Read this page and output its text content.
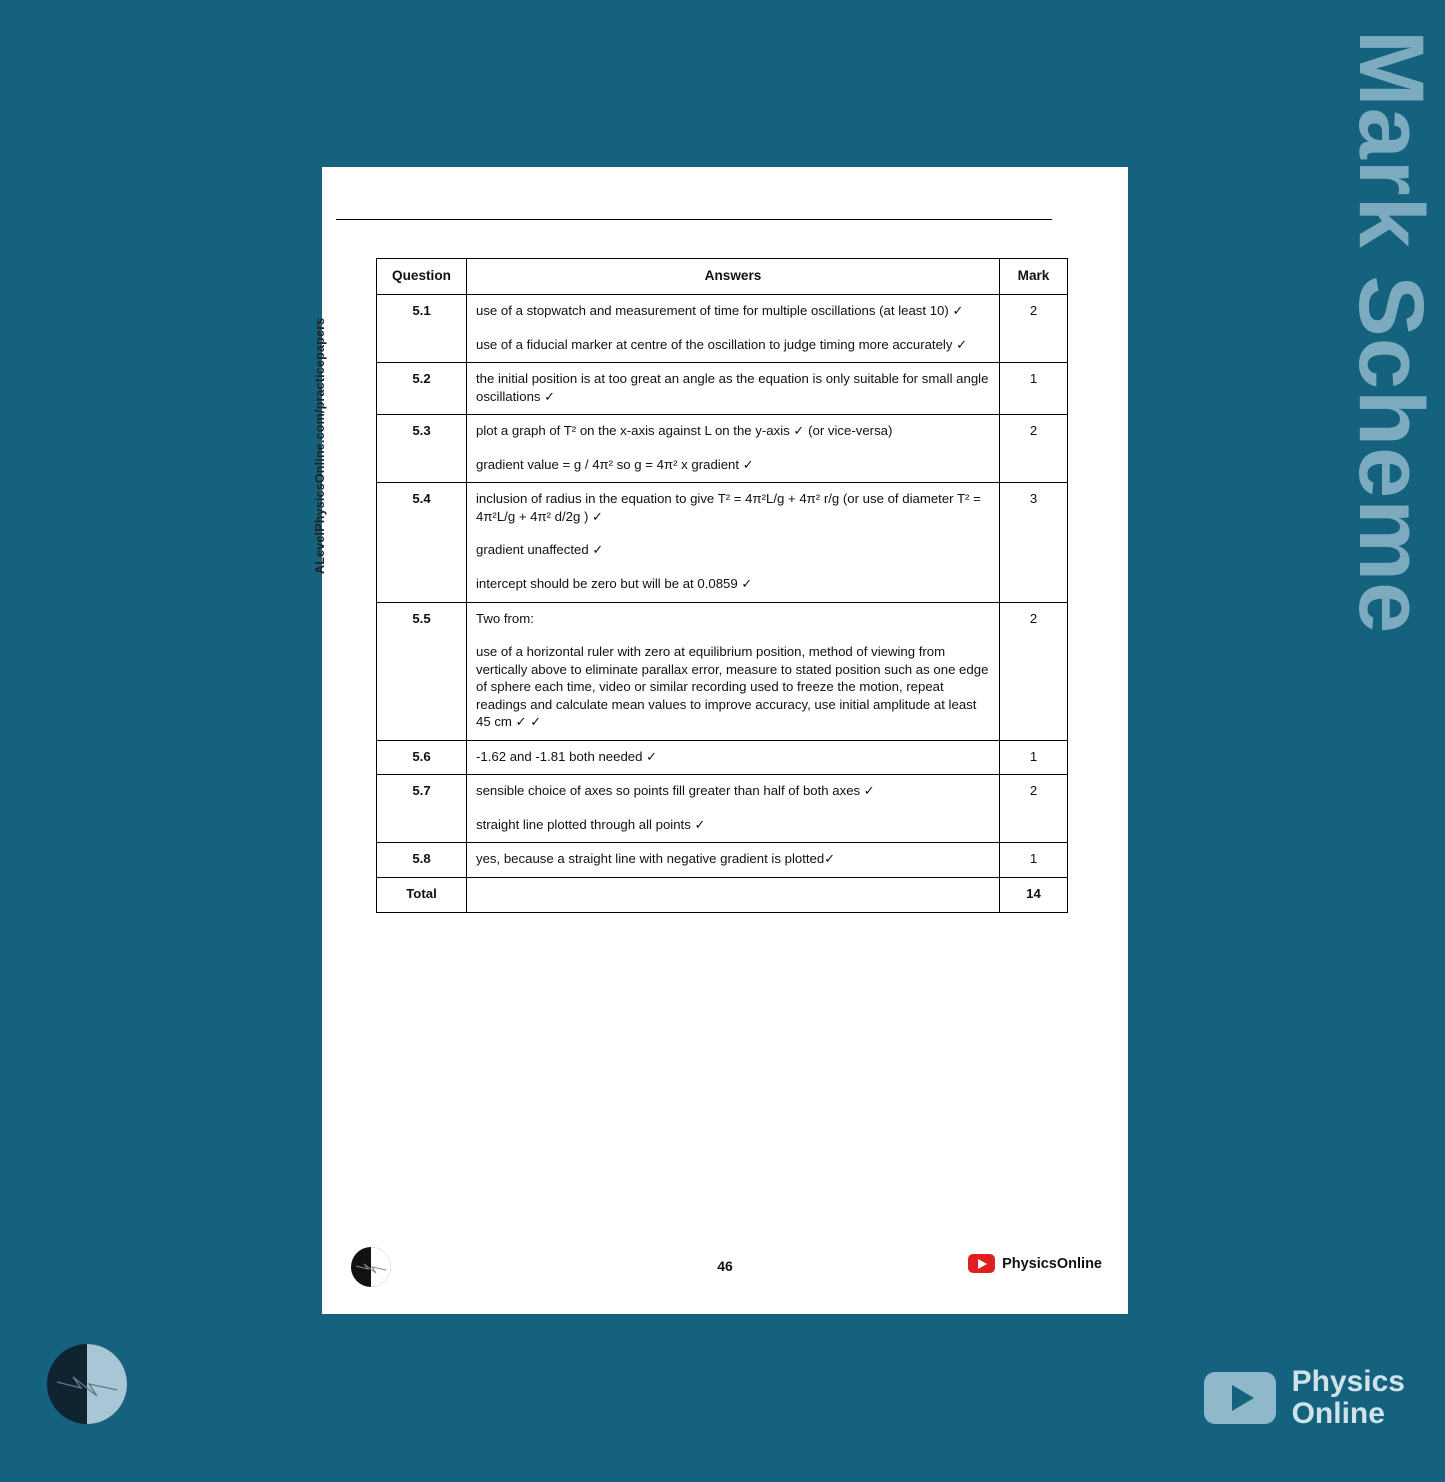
Mark Scheme
ALevelPhysicsOnline.com/practicepapers
Question	Answers	Mark
5.1	use of a stopwatch and measurement of time for multiple oscillations (at least 10) ✓

use of a fiducial marker at centre of the oscillation to judge timing more accurately ✓	2
5.2	the initial position is at too great an angle as the equation is only suitable for small angle oscillations ✓	1
5.3	plot a graph of T² on the x-axis against L on the y-axis ✓ (or vice-versa)

gradient value = g / 4π² so g = 4π² x gradient ✓	2
5.4	inclusion of radius in the equation to give T² = 4π²L/g + 4π² r/g (or use of diameter T² = 4π²L/g + 4π² d/2g ) ✓

gradient unaffected ✓

intercept should be zero but will be at 0.0859 ✓	3
5.5	Two from:

use of a horizontal ruler with zero at equilibrium position, method of viewing from vertically above to eliminate parallax error, measure to stated position such as one edge of sphere each time, video or similar recording used to freeze the motion, repeat readings and calculate mean values to improve accuracy, use initial amplitude at least 45 cm ✓ ✓	2
5.6	-1.62 and -1.81 both needed ✓	1
5.7	sensible choice of axes so points fill greater than half of both axes ✓

straight line plotted through all points ✓	2
5.8	yes, because a straight line with negative gradient is plotted✓	1
Total		14
46	PhysicsOnline
Physics
Online
